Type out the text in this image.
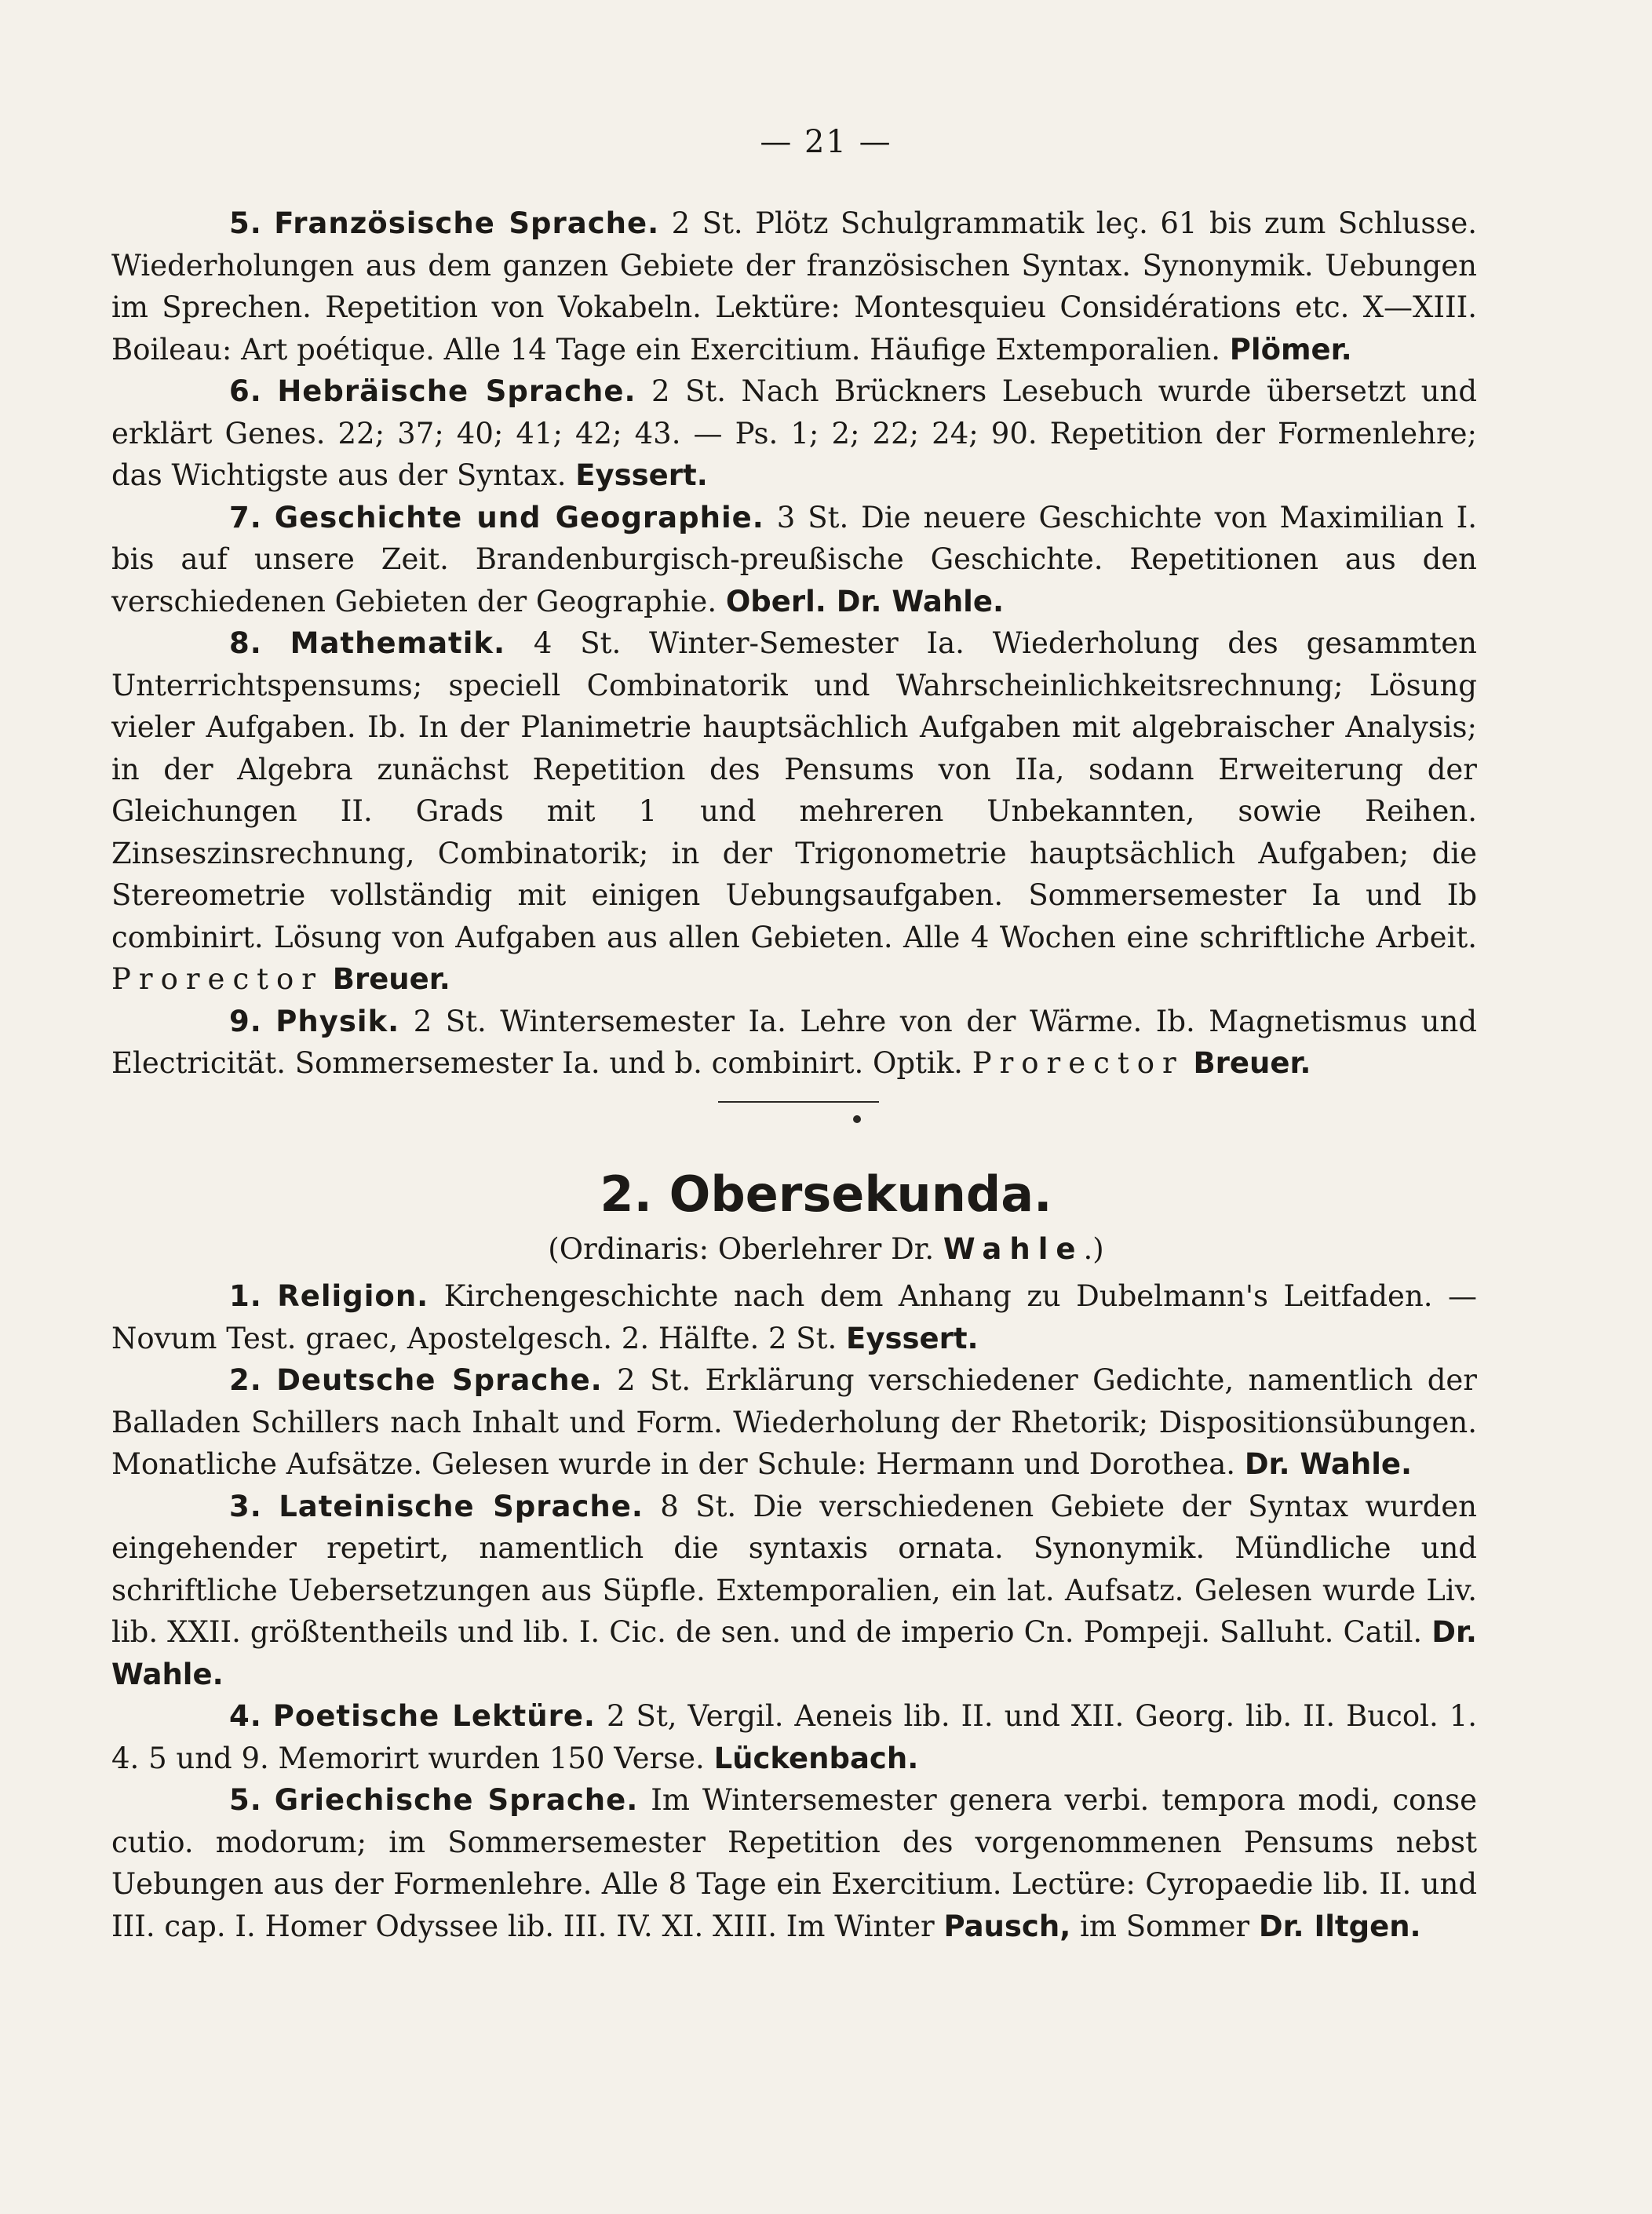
— 21 —

5. Französische Sprache. 2 St. Plötz Schulgrammatik leç. 61 bis zum Schlusse. Wiederholungen aus dem ganzen Gebiete der französischen Syntax. Synonymik. Uebungen im Sprechen. Repetition von Vokabeln. Lektüre: Montesquieu Considérations etc. X—XIII. Boileau: Art poétique. Alle 14 Tage ein Exercitium. Häufige Extemporalien. Plömer.

6. Hebräische Sprache. 2 St. Nach Brückners Lesebuch wurde übersetzt und erklärt Genes. 22; 37; 40; 41; 42; 43. — Ps. 1; 2; 22; 24; 90. Repetition der Formenlehre; das Wichtigste aus der Syntax. Eyssert.

7. Geschichte und Geographie. 3 St. Die neuere Geschichte von Maximilian I. bis auf unsere Zeit. Brandenburgisch-preußische Geschichte. Repetitionen aus den verschiedenen Gebieten der Geographie. Oberl. Dr. Wahle.

8. Mathematik. 4 St. Winter-Semester Ia. Wiederholung des gesammten Unterrichtspensums; speciell Combinatorik und Wahrscheinlichkeitsrechnung; Lösung vieler Aufgaben. Ib. In der Planimetrie hauptsächlich Aufgaben mit algebraischer Analysis; in der Algebra zunächst Repetition des Pensums von IIa, sodann Erweiterung der Gleichungen II. Grads mit 1 und mehreren Unbekannten, sowie Reihen. Zinseszinsrechnung, Combinatorik; in der Trigonometrie hauptsächlich Aufgaben; die Stereometrie vollständig mit einigen Uebungsaufgaben. Sommersemester Ia und Ib combinirt. Lösung von Aufgaben aus allen Gebieten. Alle 4 Wochen eine schriftliche Arbeit. Prorector Breuer.

9. Physik. 2 St. Wintersemester Ia. Lehre von der Wärme. Ib. Magnetismus und Electricität. Sommersemester Ia. und b. combinirt. Optik. Prorector Breuer.

2. Obersekunda.
(Ordinaris: Oberlehrer Dr. Wahle.)

1. Religion. Kirchengeschichte nach dem Anhang zu Dubelmann's Leitfaden. — Novum Test. graec, Apostelgesch. 2. Hälfte. 2 St. Eyssert.

2. Deutsche Sprache. 2 St. Erklärung verschiedener Gedichte, namentlich der Balladen Schillers nach Inhalt und Form. Wiederholung der Rhetorik; Dispositionsübungen. Monatliche Aufsätze. Gelesen wurde in der Schule: Hermann und Dorothea. Dr. Wahle.

3. Lateinische Sprache. 8 St. Die verschiedenen Gebiete der Syntax wurden eingehender repetirt, namentlich die syntaxis ornata. Synonymik. Mündliche und schriftliche Uebersetzungen aus Süpfle. Extemporalien, ein lat. Aufsatz. Gelesen wurde Liv. lib. XXII. größtentheils und lib. I. Cic. de sen. und de imperio Cn. Pompeji. Salluht. Catil. Dr. Wahle.

4. Poetische Lektüre. 2 St, Vergil. Aeneis lib. II. und XII. Georg. lib. II. Bucol. 1. 4. 5 und 9. Memorirt wurden 150 Verse. Lückenbach.

5. Griechische Sprache. Im Wintersemester genera verbi. tempora modi, conse cutio. modorum; im Sommersemester Repetition des vorgenommenen Pensums nebst Uebungen aus der Formenlehre. Alle 8 Tage ein Exercitium. Lectüre: Cyropaedie lib. II. und III. cap. I. Homer Odyssee lib. III. IV. XI. XIII. Im Winter Pausch, im Sommer Dr. Iltgen.
